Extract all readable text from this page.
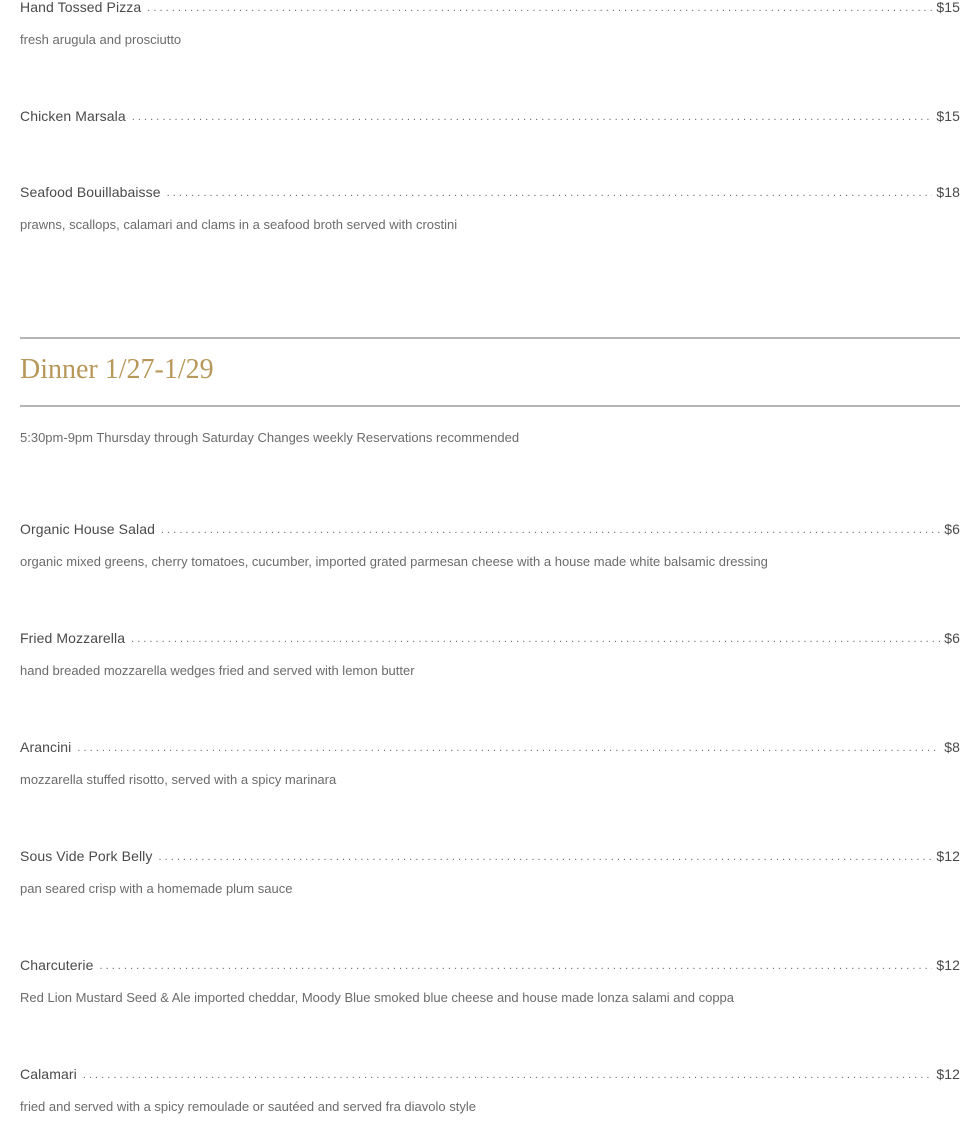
Hand Tossed Pizza . . .	$15
fresh arugula and prosciutto
Chicken Marsala . . .	$15
Seafood Bouillabaisse . . .	$18
prawns, scallops, calamari and clams in a seafood broth served with crostini
Dinner 1/27-1/29
5:30pm-9pm Thursday through Saturday Changes weekly Reservations recommended
Organic House Salad . . .	$6
organic mixed greens, cherry tomatoes, cucumber, imported grated parmesan cheese with a house made white balsamic dressing
Fried Mozzarella . . .	$6
hand breaded mozzarella wedges fried and served with lemon butter
Arancini . . .	$8
mozzarella stuffed risotto, served with a spicy marinara
Sous Vide Pork Belly . . .	$12
pan seared crisp with a homemade plum sauce
Charcuterie . . .	$12
Red Lion Mustard Seed & Ale imported cheddar, Moody Blue smoked blue cheese and house made lonza salami and coppa
Calamari . . .	$12
fried and served with a spicy remoulade or sautéed and served fra diavolo style
